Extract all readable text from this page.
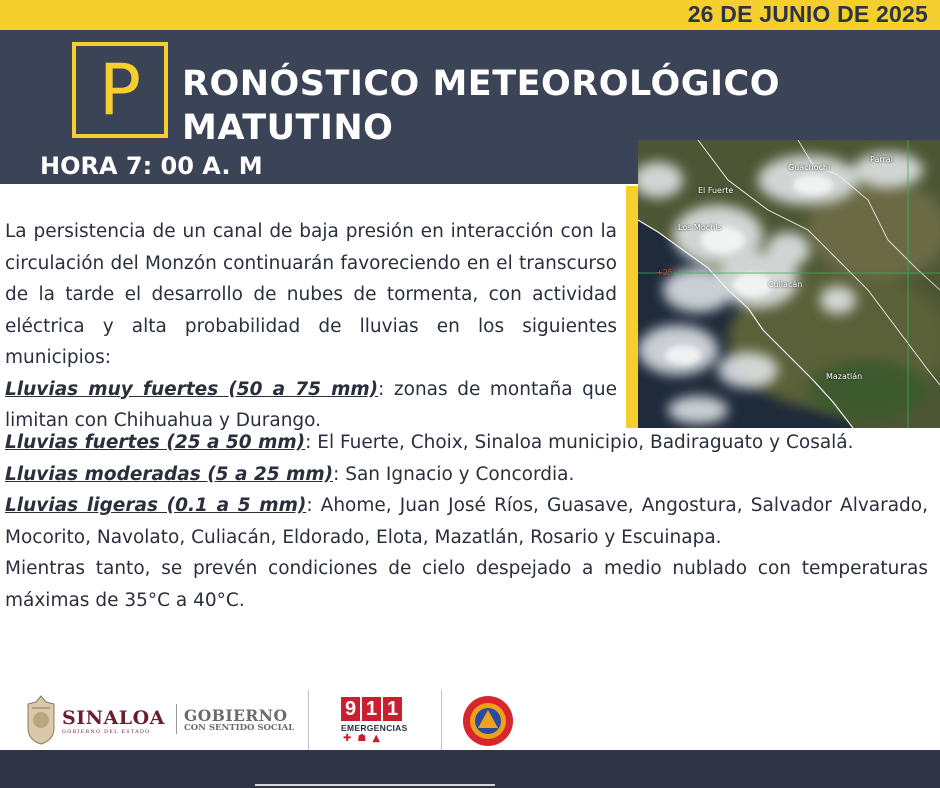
26 DE JUNIO DE 2025
P	RONÓSTICO METEOROLÓGICO
MATUTINO
HORA 7: 00 A. M	Guachochi
Parral
El Fuerte
Los Mochis
+25°
Culiacán
Mazatlán
La persistencia de un canal de baja presión en interacción con la circulación del Monzón continuarán favoreciendo en el transcurso de la tarde el desarrollo de nubes de tormenta, con actividad eléctrica y alta probabilidad de lluvias en los siguientes municipios:
Lluvias muy fuertes (50 a 75 mm): zonas de montaña que limitan con Chihuahua y Durango.
Lluvias fuertes (25 a 50 mm): El Fuerte, Choix, Sinaloa municipio, Badiraguato y Cosalá.
Lluvias moderadas (5 a 25 mm): San Ignacio y Concordia.
Lluvias ligeras (0.1 a 5 mm): Ahome, Juan José Ríos, Guasave, Angostura, Salvador Alvarado, Mocorito, Navolato, Culiacán, Eldorado, Elota, Mazatlán, Rosario y Escuinapa.
Mientras tanto, se prevén condiciones de cielo despejado a medio nublado con temperaturas máximas de 35°C a 40°C.
SINALOA
GOBIERNO DEL ESTADO
GOBIERNO
CON SENTIDO SOCIAL
9 1 1
EMERGENCIAS
✚☗▲
